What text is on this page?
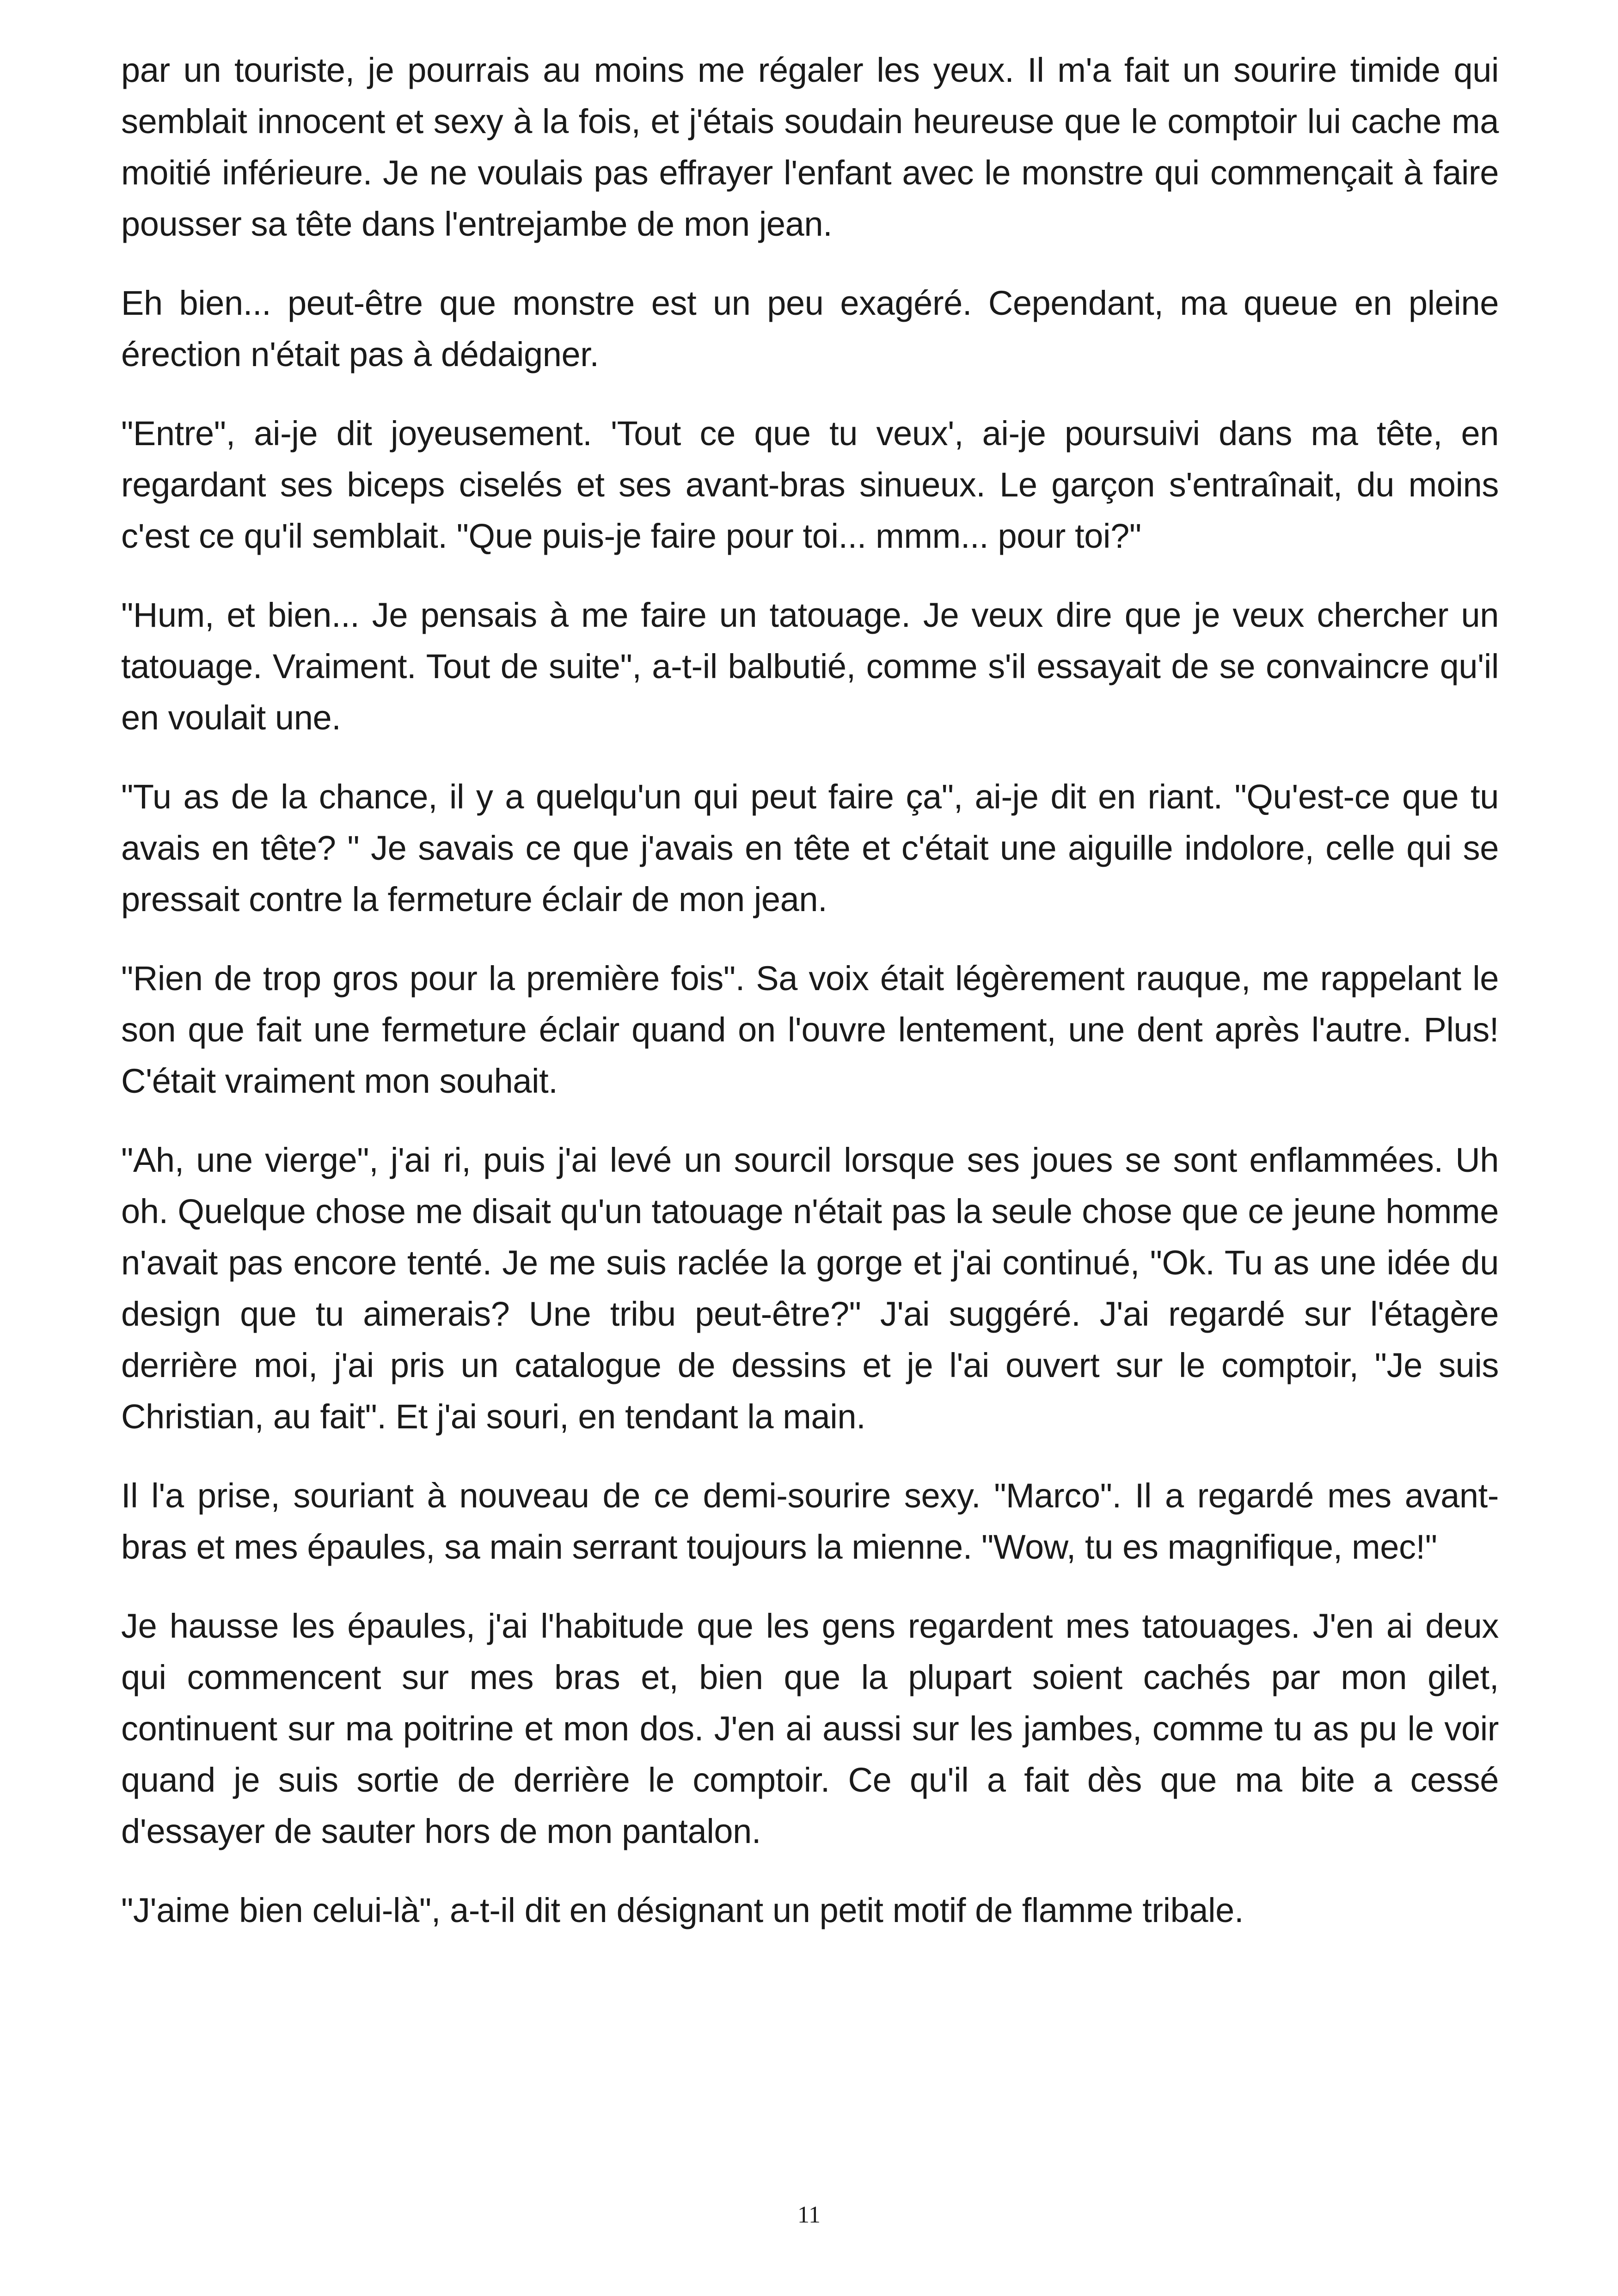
par un touriste, je pourrais au moins me régaler les yeux. Il m'a fait un sourire timide qui semblait innocent et sexy à la fois, et j'étais soudain heureuse que le comptoir lui cache ma moitié inférieure. Je ne voulais pas effrayer l'enfant avec le monstre qui commençait à faire pousser sa tête dans l'entrejambe de mon jean.

Eh bien... peut-être que monstre est un peu exagéré. Cependant, ma queue en pleine érection n'était pas à dédaigner.

"Entre", ai-je dit joyeusement. 'Tout ce que tu veux', ai-je poursuivi dans ma tête, en regardant ses biceps ciselés et ses avant-bras sinueux. Le garçon s'entraînait, du moins c'est ce qu'il semblait. "Que puis-je faire pour toi... mmm... pour toi?"

"Hum, et bien... Je pensais à me faire un tatouage. Je veux dire que je veux chercher un tatouage. Vraiment. Tout de suite", a-t-il balbutié, comme s'il essayait de se convaincre qu'il en voulait une.

"Tu as de la chance, il y a quelqu'un qui peut faire ça", ai-je dit en riant. "Qu'est-ce que tu avais en tête? " Je savais ce que j'avais en tête et c'était une aiguille indolore, celle qui se pressait contre la fermeture éclair de mon jean.

"Rien de trop gros pour la première fois". Sa voix était légèrement rauque, me rappelant le son que fait une fermeture éclair quand on l'ouvre lentement, une dent après l'autre. Plus! C'était vraiment mon souhait.

"Ah, une vierge", j'ai ri, puis j'ai levé un sourcil lorsque ses joues se sont enflammées. Uh oh. Quelque chose me disait qu'un tatouage n'était pas la seule chose que ce jeune homme n'avait pas encore tenté. Je me suis raclée la gorge et j'ai continué, "Ok. Tu as une idée du design que tu aimerais? Une tribu peut-être?" J'ai suggéré. J'ai regardé sur l'étagère derrière moi, j'ai pris un catalogue de dessins et je l'ai ouvert sur le comptoir, "Je suis Christian, au fait". Et j'ai souri, en tendant la main.

Il l'a prise, souriant à nouveau de ce demi-sourire sexy. "Marco". Il a regardé mes avant-bras et mes épaules, sa main serrant toujours la mienne. "Wow, tu es magnifique, mec!"

Je hausse les épaules, j'ai l'habitude que les gens regardent mes tatouages. J'en ai deux qui commencent sur mes bras et, bien que la plupart soient cachés par mon gilet, continuent sur ma poitrine et mon dos. J'en ai aussi sur les jambes, comme tu as pu le voir quand je suis sortie de derrière le comptoir. Ce qu'il a fait dès que ma bite a cessé d'essayer de sauter hors de mon pantalon.

"J'aime bien celui-là", a-t-il dit en désignant un petit motif de flamme tribale.

11
